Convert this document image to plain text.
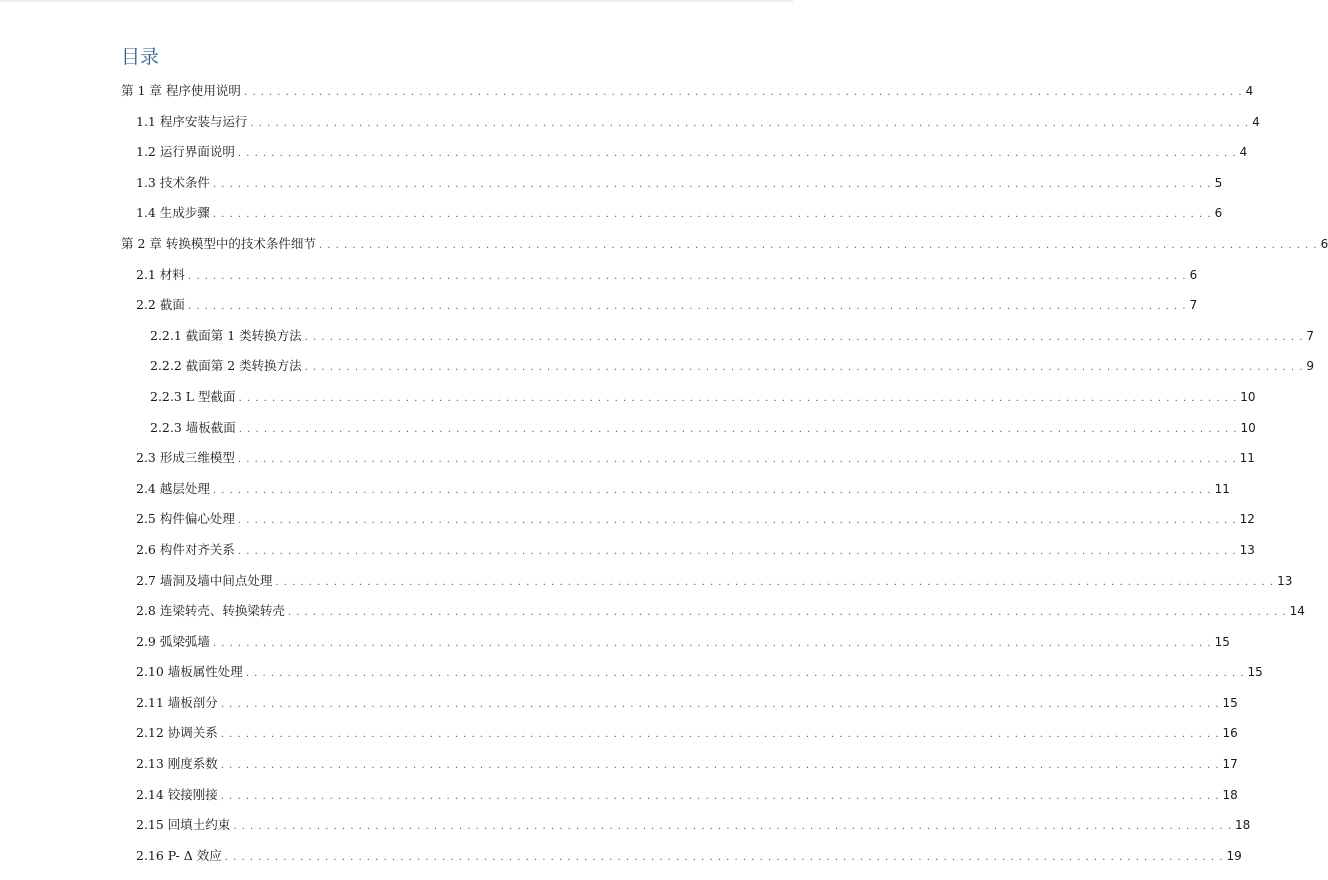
目录
第 1 章 程序使用说明 . . . . . . . . . . . . . . . . . . . . . . . . . . . . . . . . . . . . . . . . . . . . . . . . . . . . . . . . . . . . . . . . . . . . . . . . . . . . . . . . . . . . . . . . . . . . . . . . . . . . . . . . . . . . . . . . . . . . . . . . 4
1.1 程序安装与运行 . . . . . . . . . . . . . . . . . . . . . . . . . . . . . . . . . . . . . . . . . . . . . . . . . . . . . . . . . . . . . . . . . . . . . . . . . . . . . . . . . . . . . . . . . . . . . . . . . . . . . . . . . . . . . . . . . . . . . . . . 4
1.2 运行界面说明 . . . . . . . . . . . . . . . . . . . . . . . . . . . . . . . . . . . . . . . . . . . . . . . . . . . . . . . . . . . . . . . . . . . . . . . . . . . . . . . . . . . . . . . . . . . . . . . . . . . . . . . . . . . . . . . . . . . . . . . . 4
1.3 技术条件 . . . . . . . . . . . . . . . . . . . . . . . . . . . . . . . . . . . . . . . . . . . . . . . . . . . . . . . . . . . . . . . . . . . . . . . . . . . . . . . . . . . . . . . . . . . . . . . . . . . . . . . . . . . . . . . . . . . . . . . . 5
1.4 生成步骤 . . . . . . . . . . . . . . . . . . . . . . . . . . . . . . . . . . . . . . . . . . . . . . . . . . . . . . . . . . . . . . . . . . . . . . . . . . . . . . . . . . . . . . . . . . . . . . . . . . . . . . . . . . . . . . . . . . . . . . . . 6
第 2 章 转换模型中的技术条件细节 . . . . . . . . . . . . . . . . . . . . . . . . . . . . . . . . . . . . . . . . . . . . . . . . . . . . . . . . . . . . . . . . . . . . . . . . . . . . . . . . . . . . . . . . . . . . . . . . . . . . . . . . . . . . . . . . . . . . . . . . 6
2.1 材料 . . . . . . . . . . . . . . . . . . . . . . . . . . . . . . . . . . . . . . . . . . . . . . . . . . . . . . . . . . . . . . . . . . . . . . . . . . . . . . . . . . . . . . . . . . . . . . . . . . . . . . . . . . . . . . . . . . . . . . . . 6
2.2 截面 . . . . . . . . . . . . . . . . . . . . . . . . . . . . . . . . . . . . . . . . . . . . . . . . . . . . . . . . . . . . . . . . . . . . . . . . . . . . . . . . . . . . . . . . . . . . . . . . . . . . . . . . . . . . . . . . . . . . . . . . 7
2.2.1 截面第 1 类转换方法 . . . . . . . . . . . . . . . . . . . . . . . . . . . . . . . . . . . . . . . . . . . . . . . . . . . . . . . . . . . . . . . . . . . . . . . . . . . . . . . . . . . . . . . . . . . . . . . . . . . . . . . . . . . . . . . . . . . . . . . . 7
2.2.2 截面第 2 类转换方法 . . . . . . . . . . . . . . . . . . . . . . . . . . . . . . . . . . . . . . . . . . . . . . . . . . . . . . . . . . . . . . . . . . . . . . . . . . . . . . . . . . . . . . . . . . . . . . . . . . . . . . . . . . . . . . . . . . . . . . . . 9
2.2.3 L 型截面 . . . . . . . . . . . . . . . . . . . . . . . . . . . . . . . . . . . . . . . . . . . . . . . . . . . . . . . . . . . . . . . . . . . . . . . . . . . . . . . . . . . . . . . . . . . . . . . . . . . . . . . . . . . . . . . . . . . . . . . . 10
2.2.3 墙板截面 . . . . . . . . . . . . . . . . . . . . . . . . . . . . . . . . . . . . . . . . . . . . . . . . . . . . . . . . . . . . . . . . . . . . . . . . . . . . . . . . . . . . . . . . . . . . . . . . . . . . . . . . . . . . . . . . . . . . . . . . 10
2.3 形成三维模型 . . . . . . . . . . . . . . . . . . . . . . . . . . . . . . . . . . . . . . . . . . . . . . . . . . . . . . . . . . . . . . . . . . . . . . . . . . . . . . . . . . . . . . . . . . . . . . . . . . . . . . . . . . . . . . . . . . . . . . . . 11
2.4 越层处理 . . . . . . . . . . . . . . . . . . . . . . . . . . . . . . . . . . . . . . . . . . . . . . . . . . . . . . . . . . . . . . . . . . . . . . . . . . . . . . . . . . . . . . . . . . . . . . . . . . . . . . . . . . . . . . . . . . . . . . . . 11
2.5 构件偏心处理 . . . . . . . . . . . . . . . . . . . . . . . . . . . . . . . . . . . . . . . . . . . . . . . . . . . . . . . . . . . . . . . . . . . . . . . . . . . . . . . . . . . . . . . . . . . . . . . . . . . . . . . . . . . . . . . . . . . . . . . . 12
2.6 构件对齐关系 . . . . . . . . . . . . . . . . . . . . . . . . . . . . . . . . . . . . . . . . . . . . . . . . . . . . . . . . . . . . . . . . . . . . . . . . . . . . . . . . . . . . . . . . . . . . . . . . . . . . . . . . . . . . . . . . . . . . . . . . 13
2.7 墙洞及墙中间点处理 . . . . . . . . . . . . . . . . . . . . . . . . . . . . . . . . . . . . . . . . . . . . . . . . . . . . . . . . . . . . . . . . . . . . . . . . . . . . . . . . . . . . . . . . . . . . . . . . . . . . . . . . . . . . . . . . . . . . . . . . 13
2.8 连梁转壳、转换梁转壳 . . . . . . . . . . . . . . . . . . . . . . . . . . . . . . . . . . . . . . . . . . . . . . . . . . . . . . . . . . . . . . . . . . . . . . . . . . . . . . . . . . . . . . . . . . . . . . . . . . . . . . . . . . . . . . . . . . . . . . . . 14
2.9 弧梁弧墙 . . . . . . . . . . . . . . . . . . . . . . . . . . . . . . . . . . . . . . . . . . . . . . . . . . . . . . . . . . . . . . . . . . . . . . . . . . . . . . . . . . . . . . . . . . . . . . . . . . . . . . . . . . . . . . . . . . . . . . . . 15
2.10 墙板属性处理 . . . . . . . . . . . . . . . . . . . . . . . . . . . . . . . . . . . . . . . . . . . . . . . . . . . . . . . . . . . . . . . . . . . . . . . . . . . . . . . . . . . . . . . . . . . . . . . . . . . . . . . . . . . . . . . . . . . . . . . . 15
2.11 墙板剖分 . . . . . . . . . . . . . . . . . . . . . . . . . . . . . . . . . . . . . . . . . . . . . . . . . . . . . . . . . . . . . . . . . . . . . . . . . . . . . . . . . . . . . . . . . . . . . . . . . . . . . . . . . . . . . . . . . . . . . . . . 15
2.12 协调关系 . . . . . . . . . . . . . . . . . . . . . . . . . . . . . . . . . . . . . . . . . . . . . . . . . . . . . . . . . . . . . . . . . . . . . . . . . . . . . . . . . . . . . . . . . . . . . . . . . . . . . . . . . . . . . . . . . . . . . . . . 16
2.13 刚度系数 . . . . . . . . . . . . . . . . . . . . . . . . . . . . . . . . . . . . . . . . . . . . . . . . . . . . . . . . . . . . . . . . . . . . . . . . . . . . . . . . . . . . . . . . . . . . . . . . . . . . . . . . . . . . . . . . . . . . . . . . 17
2.14 铰接刚接 . . . . . . . . . . . . . . . . . . . . . . . . . . . . . . . . . . . . . . . . . . . . . . . . . . . . . . . . . . . . . . . . . . . . . . . . . . . . . . . . . . . . . . . . . . . . . . . . . . . . . . . . . . . . . . . . . . . . . . . . 18
2.15 回填土约束 . . . . . . . . . . . . . . . . . . . . . . . . . . . . . . . . . . . . . . . . . . . . . . . . . . . . . . . . . . . . . . . . . . . . . . . . . . . . . . . . . . . . . . . . . . . . . . . . . . . . . . . . . . . . . . . . . . . . . . . . 18
2.16 P- Δ 效应 . . . . . . . . . . . . . . . . . . . . . . . . . . . . . . . . . . . . . . . . . . . . . . . . . . . . . . . . . . . . . . . . . . . . . . . . . . . . . . . . . . . . . . . . . . . . . . . . . . . . . . . . . . . . . . . . . . . . . . . . 19
